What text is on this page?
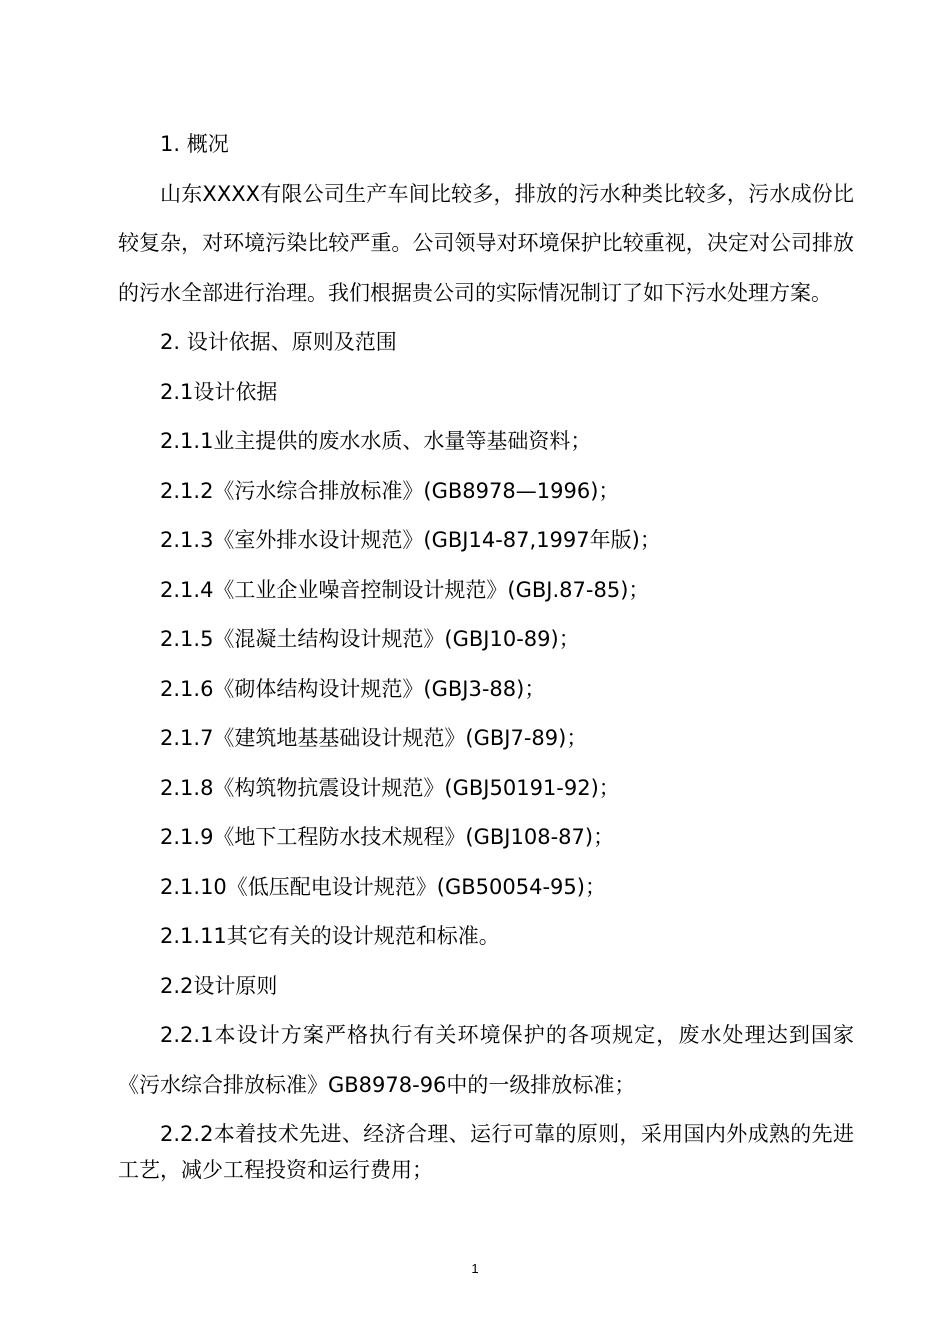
1. 概况

山东XXXX有限公司生产车间比较多，排放的污水种类比较多，污水成份比较复杂，对环境污染比较严重。公司领导对环境保护比较重视，决定对公司排放的污水全部进行治理。我们根据贵公司的实际情况制订了如下污水处理方案。

2. 设计依据、原则及范围

2.1设计依据

2.1.1业主提供的废水水质、水量等基础资料；

2.1.2《污水综合排放标准》(GB8978—1996)；

2.1.3《室外排水设计规范》(GBJ14-87,1997年版)；

2.1.4《工业企业噪音控制设计规范》(GBJ.87-85)；

2.1.5《混凝土结构设计规范》(GBJ10-89)；

2.1.6《砌体结构设计规范》(GBJ3-88)；

2.1.7《建筑地基基础设计规范》(GBJ7-89)；

2.1.8《构筑物抗震设计规范》(GBJ50191-92)；

2.1.9《地下工程防水技术规程》(GBJ108-87)；

2.1.10《低压配电设计规范》(GB50054-95)；

2.1.11其它有关的设计规范和标准。

2.2设计原则

2.2.1本设计方案严格执行有关环境保护的各项规定，废水处理达到国家《污水综合排放标准》GB8978-96中的一级排放标准；

2.2.2本着技术先进、经济合理、运行可靠的原则，采用国内外成熟的先进工艺，减少工程投资和运行费用；

1
